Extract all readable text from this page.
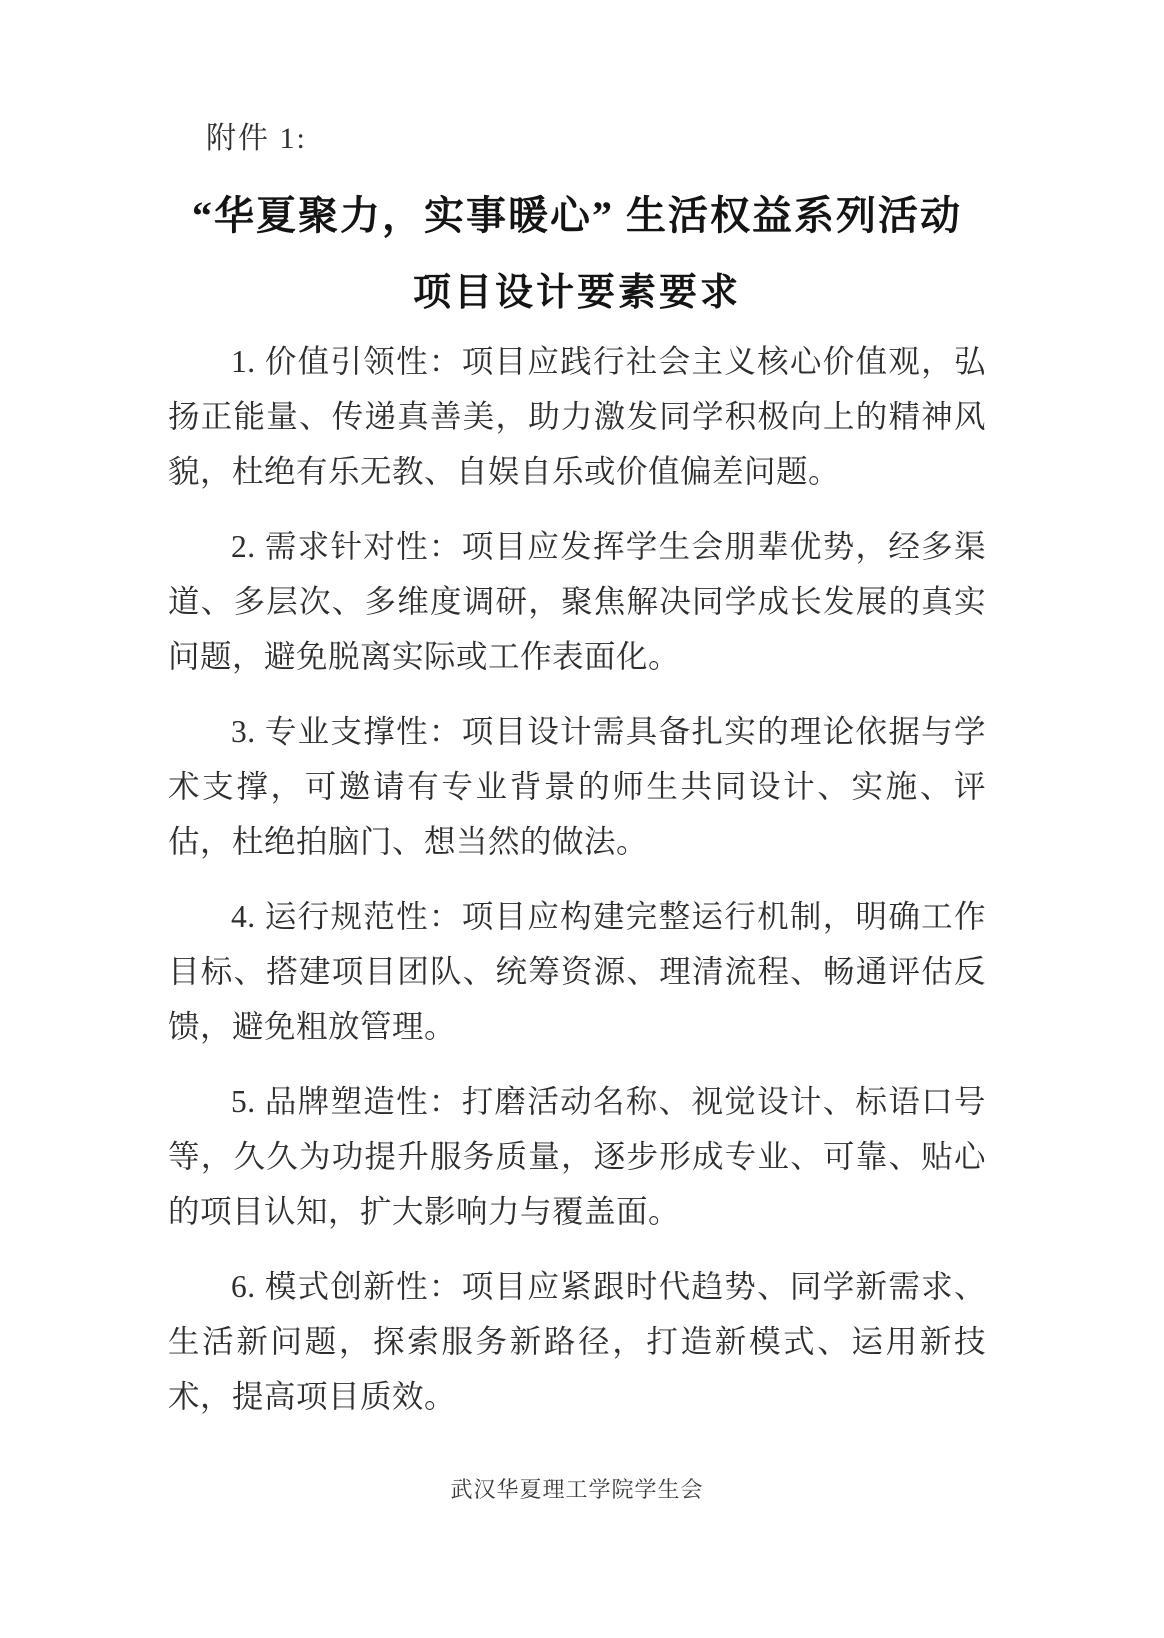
附件 1:
“华夏聚力，实事暖心” 生活权益系列活动
项目设计要素要求

1. 价值引领性：项目应践行社会主义核心价值观，弘扬正能量、传递真善美，助力激发同学积极向上的精神风貌，杜绝有乐无教、自娱自乐或价值偏差问题。

2. 需求针对性：项目应发挥学生会朋辈优势，经多渠道、多层次、多维度调研，聚焦解决同学成长发展的真实问题，避免脱离实际或工作表面化。

3. 专业支撑性：项目设计需具备扎实的理论依据与学术支撑，可邀请有专业背景的师生共同设计、实施、评估，杜绝拍脑门、想当然的做法。

4. 运行规范性：项目应构建完整运行机制，明确工作目标、搭建项目团队、统筹资源、理清流程、畅通评估反馈，避免粗放管理。

5. 品牌塑造性：打磨活动名称、视觉设计、标语口号等，久久为功提升服务质量，逐步形成专业、可靠、贴心的项目认知，扩大影响力与覆盖面。

6. 模式创新性：项目应紧跟时代趋势、同学新需求、生活新问题，探索服务新路径，打造新模式、运用新技术，提高项目质效。

武汉华夏理工学院学生会
